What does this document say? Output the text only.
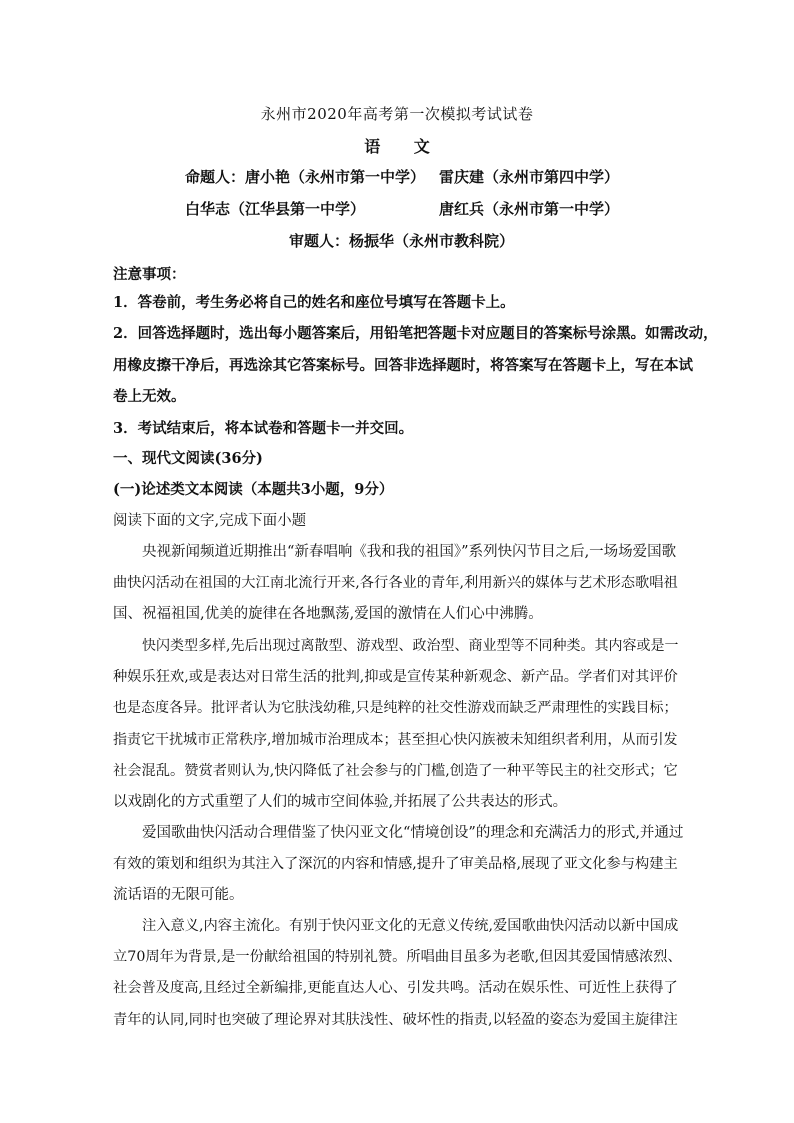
永州市2020年高考第一次模拟考试试卷
语 文
命题人：唐小艳（永州市第一中学） 雷庆建（永州市第四中学）
白华志（江华县第一中学）	唐红兵（永州市第一中学）
审题人：杨振华（永州市教科院）
注意事项：
1．答卷前，考生务必将自己的姓名和座位号填写在答题卡上。
2．回答选择题时，选出每小题答案后，用铅笔把答题卡对应题目的答案标号涂黑。如需改动，
用橡皮擦干净后，再选涂其它答案标号。回答非选择题时，将答案写在答题卡上，写在本试
卷上无效。
3．考试结束后，将本试卷和答题卡一并交回。
一、现代文阅读(36分)
(一)论述类文本阅读（本题共3小题，9分）
阅读下面的文字,完成下面小题
央视新闻频道近期推出“新春唱响《我和我的祖国》”系列快闪节目之后,一场场爱国歌
曲快闪活动在祖国的大江南北流行开来,各行各业的青年,利用新兴的媒体与艺术形态歌唱祖
国、祝福祖国,优美的旋律在各地飘荡,爱国的激情在人们心中沸腾。
快闪类型多样,先后出现过离散型、游戏型、政治型、商业型等不同种类。其内容或是一
种娱乐狂欢,或是表达对日常生活的批判,抑或是宣传某种新观念、新产品。学者们对其评价
也是态度各异。批评者认为它肤浅幼稚,只是纯粹的社交性游戏而缺乏严肃理性的实践目标；
指责它干扰城市正常秩序,增加城市治理成本；甚至担心快闪族被未知组织者利用，从而引发
社会混乱。赞赏者则认为,快闪降低了社会参与的门槛,创造了一种平等民主的社交形式；它
以戏剧化的方式重塑了人们的城市空间体验,并拓展了公共表达的形式。
爱国歌曲快闪活动合理借鉴了快闪亚文化“情境创设”的理念和充满活力的形式,并通过
有效的策划和组织为其注入了深沉的内容和情感,提升了审美品格,展现了亚文化参与构建主
流话语的无限可能。
注入意义,内容主流化。有别于快闪亚文化的无意义传统,爱国歌曲快闪活动以新中国成
立70周年为背景,是一份献给祖国的特别礼赞。所唱曲目虽多为老歌,但因其爱国情感浓烈、
社会普及度高,且经过全新编排,更能直达人心、引发共鸣。活动在娱乐性、可近性上获得了
青年的认同,同时也突破了理论界对其肤浅性、破坏性的指责,以轻盈的姿态为爱国主旋律注
